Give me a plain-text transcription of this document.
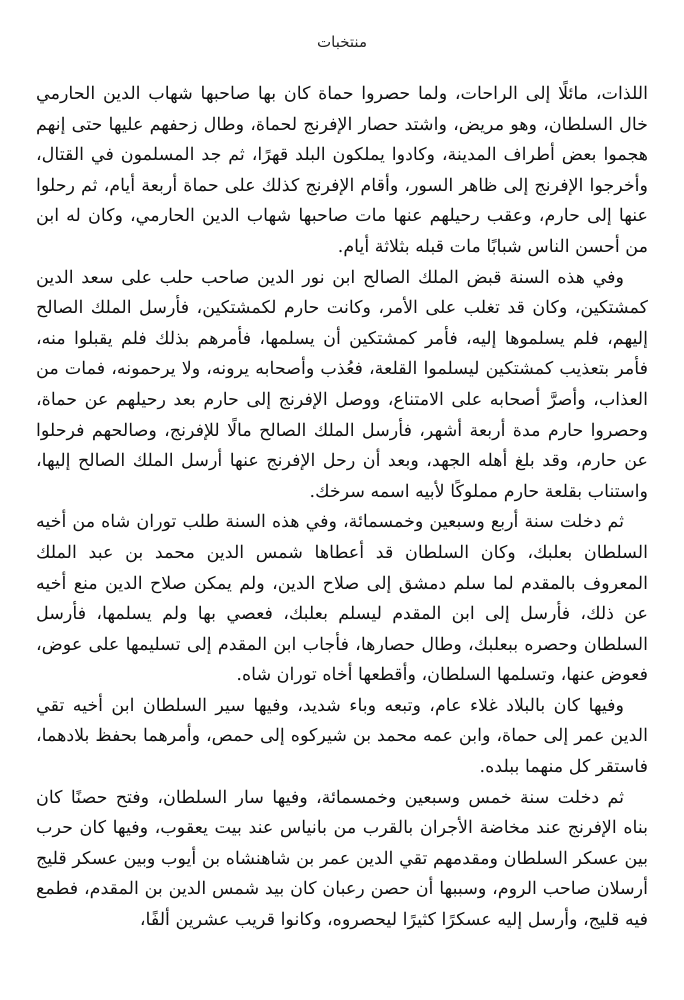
منتخبات

اللذات، مائلًا إلى الراحات، ولما حصروا حماة كان بها صاحبها شهاب الدين الحارمي خال السلطان، وهو مريض، واشتد حصار الإفرنج لحماة، وطال زحفهم عليها حتى إنهم هجموا بعض أطراف المدينة، وكادوا يملكون البلد قهرًا، ثم جد المسلمون في القتال، وأخرجوا الإفرنج إلى ظاهر السور، وأقام الإفرنج كذلك على حماة أربعة أيام، ثم رحلوا عنها إلى حارم، وعقب رحيلهم عنها مات صاحبها شهاب الدين الحارمي، وكان له ابن من أحسن الناس شبابًا مات قبله بثلاثة أيام.

وفي هذه السنة قبض الملك الصالح ابن نور الدين صاحب حلب على سعد الدين كمشتكين، وكان قد تغلب على الأمر، وكانت حارم لكمشتكين، فأرسل الملك الصالح إليهم، فلم يسلموها إليه، فأمر كمشتكين أن يسلمها، فأمرهم بذلك فلم يقبلوا منه، فأمر بتعذيب كمشتكين ليسلموا القلعة، فعُذب وأصحابه يرونه، ولا يرحمونه، فمات من العذاب، وأصرَّ أصحابه على الامتناع، ووصل الإفرنج إلى حارم بعد رحيلهم عن حماة، وحصروا حارم مدة أربعة أشهر، فأرسل الملك الصالح مالًا للإفرنج، وصالحهم فرحلوا عن حارم، وقد بلغ أهله الجهد، وبعد أن رحل الإفرنج عنها أرسل الملك الصالح إليها، واستناب بقلعة حارم مملوكًا لأبيه اسمه سرخك.

ثم دخلت سنة أربع وسبعين وخمسمائة، وفي هذه السنة طلب توران شاه من أخيه السلطان بعلبك، وكان السلطان قد أعطاها شمس الدين محمد بن عبد الملك المعروف بالمقدم لما سلم دمشق إلى صلاح الدين، ولم يمكن صلاح الدين منع أخيه عن ذلك، فأرسل إلى ابن المقدم ليسلم بعلبك، فعصي بها ولم يسلمها، فأرسل السلطان وحصره ببعلبك، وطال حصارها، فأجاب ابن المقدم إلى تسليمها على عوض، فعوض عنها، وتسلمها السلطان، وأقطعها أخاه توران شاه.

وفيها كان بالبلاد غلاء عام، وتبعه وباء شديد، وفيها سير السلطان ابن أخيه تقي الدين عمر إلى حماة، وابن عمه محمد بن شيركوه إلى حمص، وأمرهما بحفظ بلادهما، فاستقر كل منهما ببلده.

ثم دخلت سنة خمس وسبعين وخمسمائة، وفيها سار السلطان، وفتح حصنًا كان بناه الإفرنج عند مخاضة الأجران بالقرب من بانياس عند بيت يعقوب، وفيها كان حرب بين عسكر السلطان ومقدمهم تقي الدين عمر بن شاهنشاه بن أيوب وبين عسكر قليج أرسلان صاحب الروم، وسببها أن حصن رعبان كان بيد شمس الدين بن المقدم، فطمع فيه قليج، وأرسل إليه عسكرًا كثيرًا ليحصروه، وكانوا قريب عشرين ألفًا،
